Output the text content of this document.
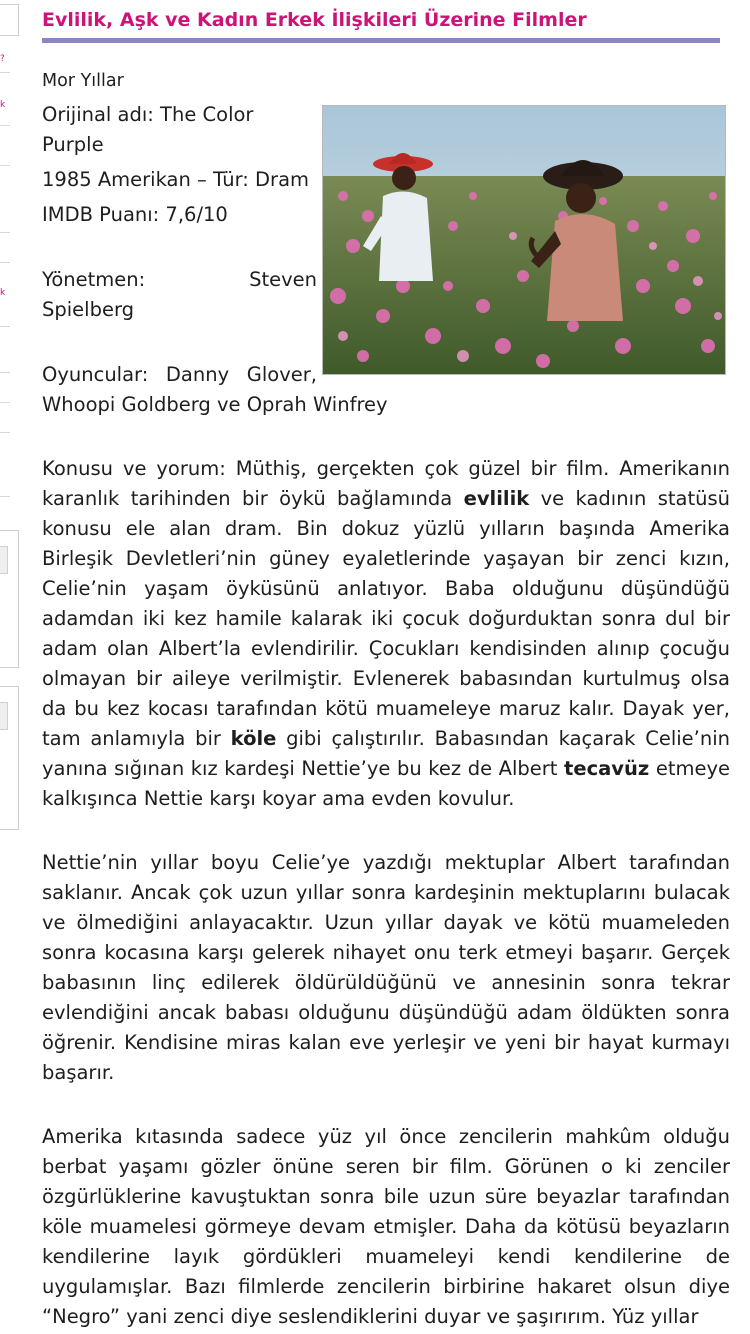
?
k
k
Evlilik, Aşk ve Kadın Erkek İlişkileri Üzerine Filmler

Mor Yıllar

Orijinal adı: The Color

Purple

1985 Amerikan – Tür: Dram

IMDB Puanı: 7,6/10

Yönetmen:	Steven

Spielberg

Oyuncular: Danny Glover,

Whoopi Goldberg ve Oprah Winfrey

Konusu ve yorum: Müthiş, gerçekten çok güzel bir film. Amerikanın karanlık tarihinden bir öykü bağlamında evlilik ve kadının statüsü konusu ele alan dram. Bin dokuz yüzlü yılların başında Amerika Birleşik Devletleri’nin güney eyaletlerinde yaşayan bir zenci kızın, Celie’nin yaşam öyküsünü anlatıyor. Baba olduğunu düşündüğü adamdan iki kez hamile kalarak iki çocuk doğurduktan sonra dul bir adam olan Albert’la evlendirilir. Çocukları kendisinden alınıp çocuğu olmayan bir aileye verilmiştir. Evlenerek babasından kurtulmuş olsa da bu kez kocası tarafından kötü muameleye maruz kalır. Dayak yer, tam anlamıyla bir köle gibi çalıştırılır. Babasından kaçarak Celie’nin yanına sığınan kız kardeşi Nettie’ye bu kez de Albert tecavüz etmeye kalkışınca Nettie karşı koyar ama evden kovulur.
Nettie’nin yıllar boyu Celie’ye yazdığı mektuplar Albert tarafından saklanır. Ancak çok uzun yıllar sonra kardeşinin mektuplarını bulacak ve ölmediğini anlayacaktır. Uzun yıllar dayak ve kötü muameleden sonra kocasına karşı gelerek nihayet onu terk etmeyi başarır. Gerçek babasının linç edilerek öldürüldüğünü ve annesinin sonra tekrar evlendiğini ancak babası olduğunu düşündüğü adam öldükten sonra öğrenir. Kendisine miras kalan eve yerleşir ve yeni bir hayat kurmayı başarır.
Amerika kıtasında sadece yüz yıl önce zencilerin mahkûm olduğu berbat yaşamı gözler önüne seren bir film. Görünen o ki zenciler özgürlüklerine kavuştuktan sonra bile uzun süre beyazlar tarafından köle muamelesi görmeye devam etmişler. Daha da kötüsü beyazların kendilerine layık gördükleri muameleyi kendi kendilerine de uygulamışlar. Bazı filmlerde zencilerin birbirine hakaret olsun diye “Negro” yani zenci diye seslendiklerini duyar ve şaşırırım. Yüz yıllar
